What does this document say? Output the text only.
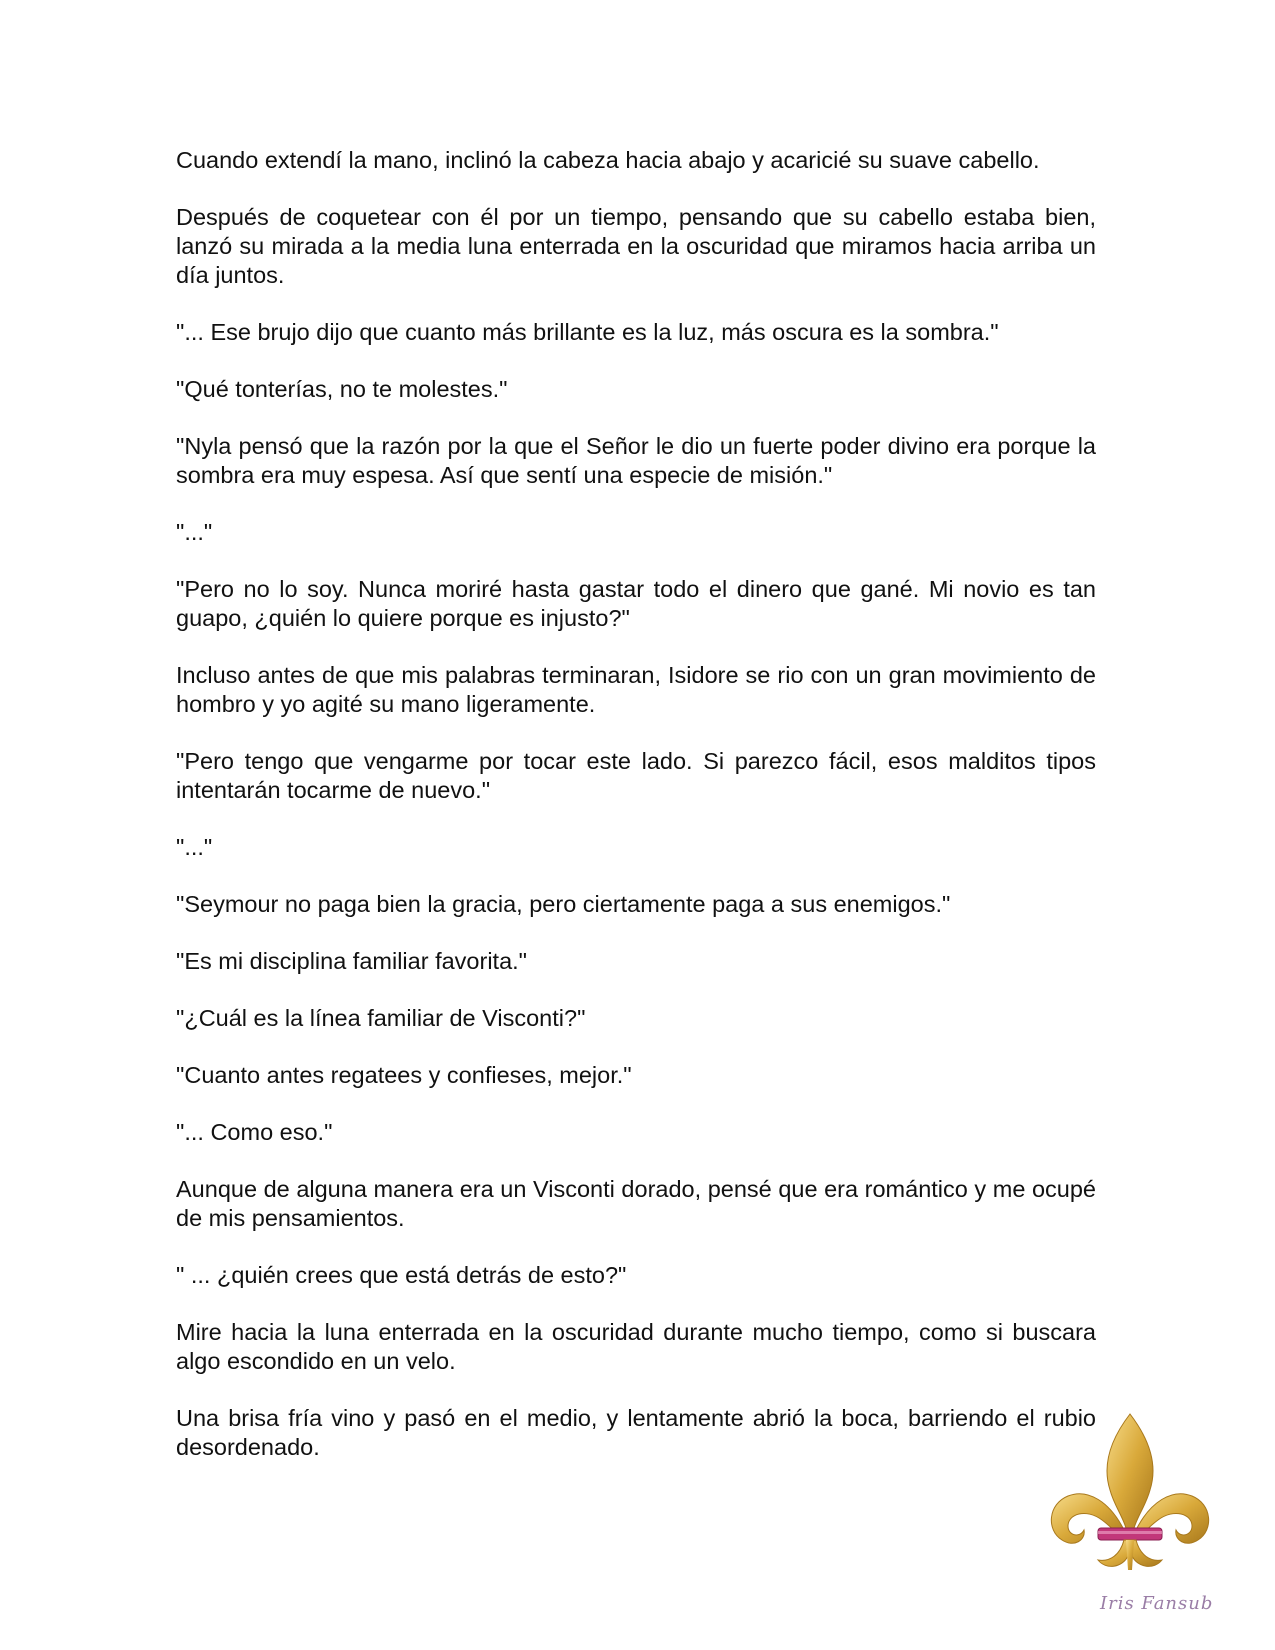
Cuando extendí la mano, inclinó la cabeza hacia abajo y acaricié su suave cabello.

Después de coquetear con él por un tiempo, pensando que su cabello estaba bien, lanzó su mirada a la media luna enterrada en la oscuridad que miramos hacia arriba un día juntos.

"... Ese brujo dijo que cuanto más brillante es la luz, más oscura es la sombra."

"Qué tonterías, no te molestes."

"Nyla pensó que la razón por la que el Señor le dio un fuerte poder divino era porque la sombra era muy espesa. Así que sentí una especie de misión."

"..."

"Pero no lo soy. Nunca moriré hasta gastar todo el dinero que gané. Mi novio es tan guapo, ¿quién lo quiere porque es injusto?"

Incluso antes de que mis palabras terminaran, Isidore se rio con un gran movimiento de hombro y yo agité su mano ligeramente.

"Pero tengo que vengarme por tocar este lado. Si parezco fácil, esos malditos tipos intentarán tocarme de nuevo."

"..."

"Seymour no paga bien la gracia, pero ciertamente paga a sus enemigos."

"Es mi disciplina familiar favorita."

"¿Cuál es la línea familiar de Visconti?"

"Cuanto antes regatees y confieses, mejor."

"... Como eso."

Aunque de alguna manera era un Visconti dorado, pensé que era romántico y me ocupé de mis pensamientos.

" ... ¿quién crees que está detrás de esto?"

Mire hacia la luna enterrada en la oscuridad durante mucho tiempo, como si buscara algo escondido en un velo.

Una brisa fría vino y pasó en el medio, y lentamente abrió la boca, barriendo el rubio desordenado.

Iris Fansub
